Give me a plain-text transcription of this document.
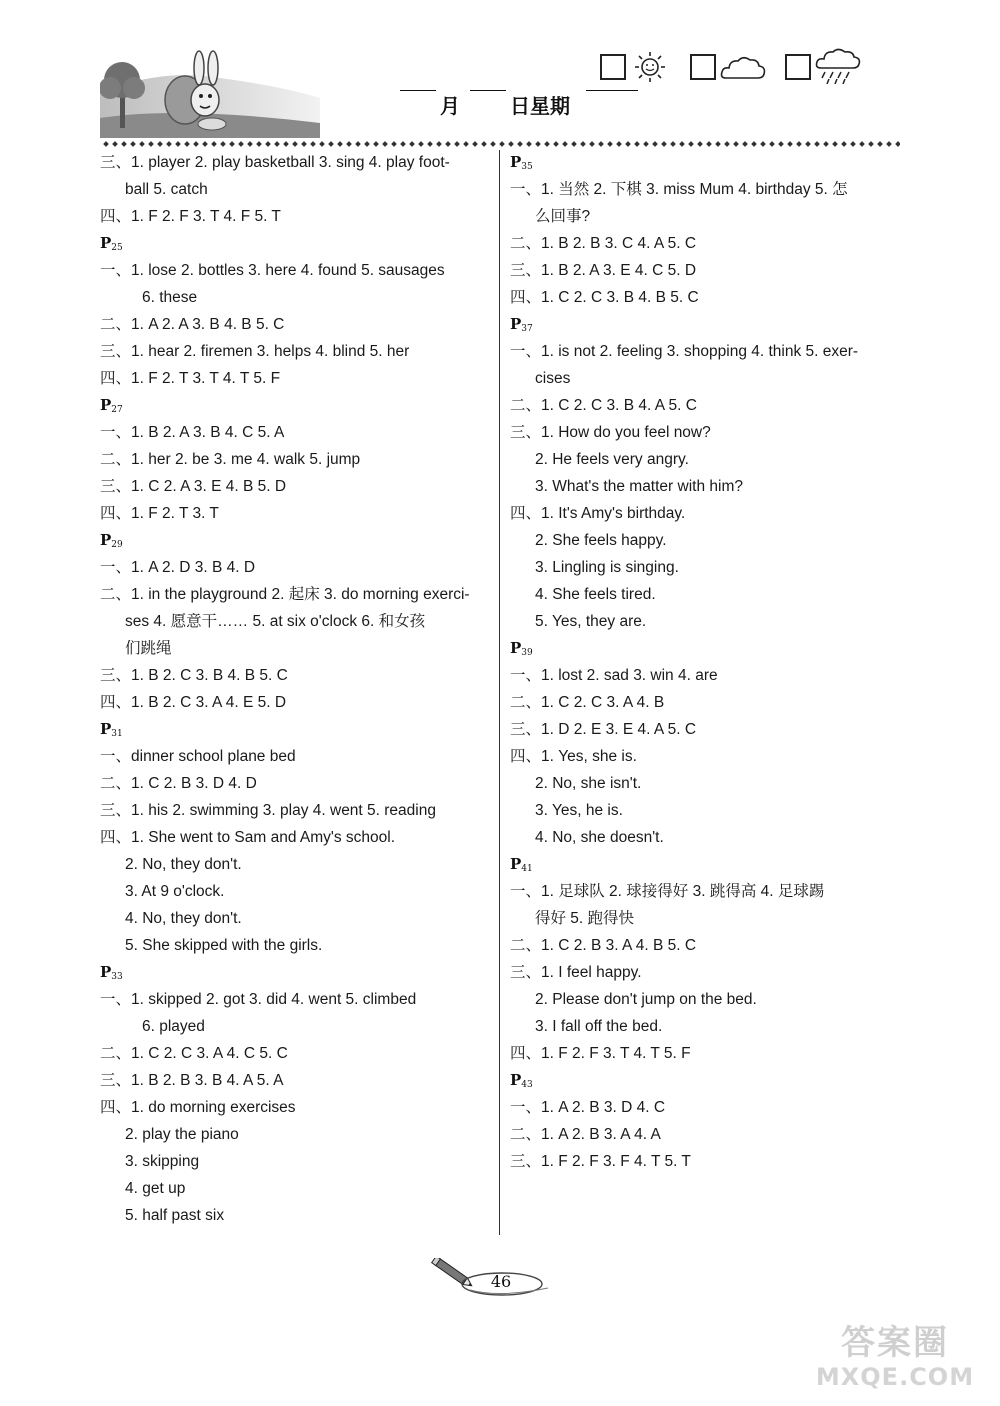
月	日星期
三、1. player 2. play basketball 3. sing 4. play foot-
ball 5. catch
四、1. F 2. F 3. T 4. F 5. T
$P_{25}$
一、1. lose 2. bottles 3. here 4. found 5. sausages
6. these
二、1. A 2. A 3. B 4. B 5. C
三、1. hear 2. firemen 3. helps 4. blind 5. her
四、1. F 2. T 3. T 4. T 5. F
$P_{27}$
一、1. B 2. A 3. B 4. C 5. A
二、1. her 2. be 3. me 4. walk 5. jump
三、1. C 2. A 3. E 4. B 5. D
四、1. F 2. T 3. T
$P_{29}$
一、1. A 2. D 3. B 4. D
二、1. in the playground 2. 起床 3. do morning exerci-
ses 4. 愿意干…… 5. at six o'clock 6. 和女孩
们跳绳
三、1. B 2. C 3. B 4. B 5. C
四、1. B 2. C 3. A 4. E 5. D
$P_{31}$
一、dinner school plane bed
二、1. C 2. B 3. D 4. D
三、1. his 2. swimming 3. play 4. went 5. reading
四、1. She went to Sam and Amy's school.
2. No, they don't.
3. At 9 o'clock.
4. No, they don't.
5. She skipped with the girls.
$P_{33}$
一、1. skipped 2. got 3. did 4. went 5. climbed
6. played
二、1. C 2. C 3. A 4. C 5. C
三、1. B 2. B 3. B 4. A 5. A
四、1. do morning exercises
2. play the piano
3. skipping
4. get up
5. half past six
$P_{35}$
一、1. 当然 2. 下棋 3. miss Mum 4. birthday 5. 怎
么回事?
二、1. B 2. B 3. C 4. A 5. C
三、1. B 2. A 3. E 4. C 5. D
四、1. C 2. C 3. B 4. B 5. C
$P_{37}$
一、1. is not 2. feeling 3. shopping 4. think 5. exer-
cises
二、1. C 2. C 3. B 4. A 5. C
三、1. How do you feel now?
2. He feels very angry.
3. What's the matter with him?
四、1. It's Amy's birthday.
2. She feels happy.
3. Lingling is singing.
4. She feels tired.
5. Yes, they are.
$P_{39}$
一、1. lost 2. sad 3. win 4. are
二、1. C 2. C 3. A 4. B
三、1. D 2. E 3. E 4. A 5. C
四、1. Yes, she is.
2. No, she isn't.
3. Yes, he is.
4. No, she doesn't.
$P_{41}$
一、1. 足球队 2. 球接得好 3. 跳得高 4. 足球踢
得好 5. 跑得快
二、1. C 2. B 3. A 4. B 5. C
三、1. I feel happy.
2. Please don't jump on the bed.
3. I fall off the bed.
四、1. F 2. F 3. T 4. T 5. F
$P_{43}$
一、1. A 2. B 3. D 4. C
二、1. A 2. B 3. A 4. A
三、1. F 2. F 3. F 4. T 5. T
46
答案圈
MXQE.COM
